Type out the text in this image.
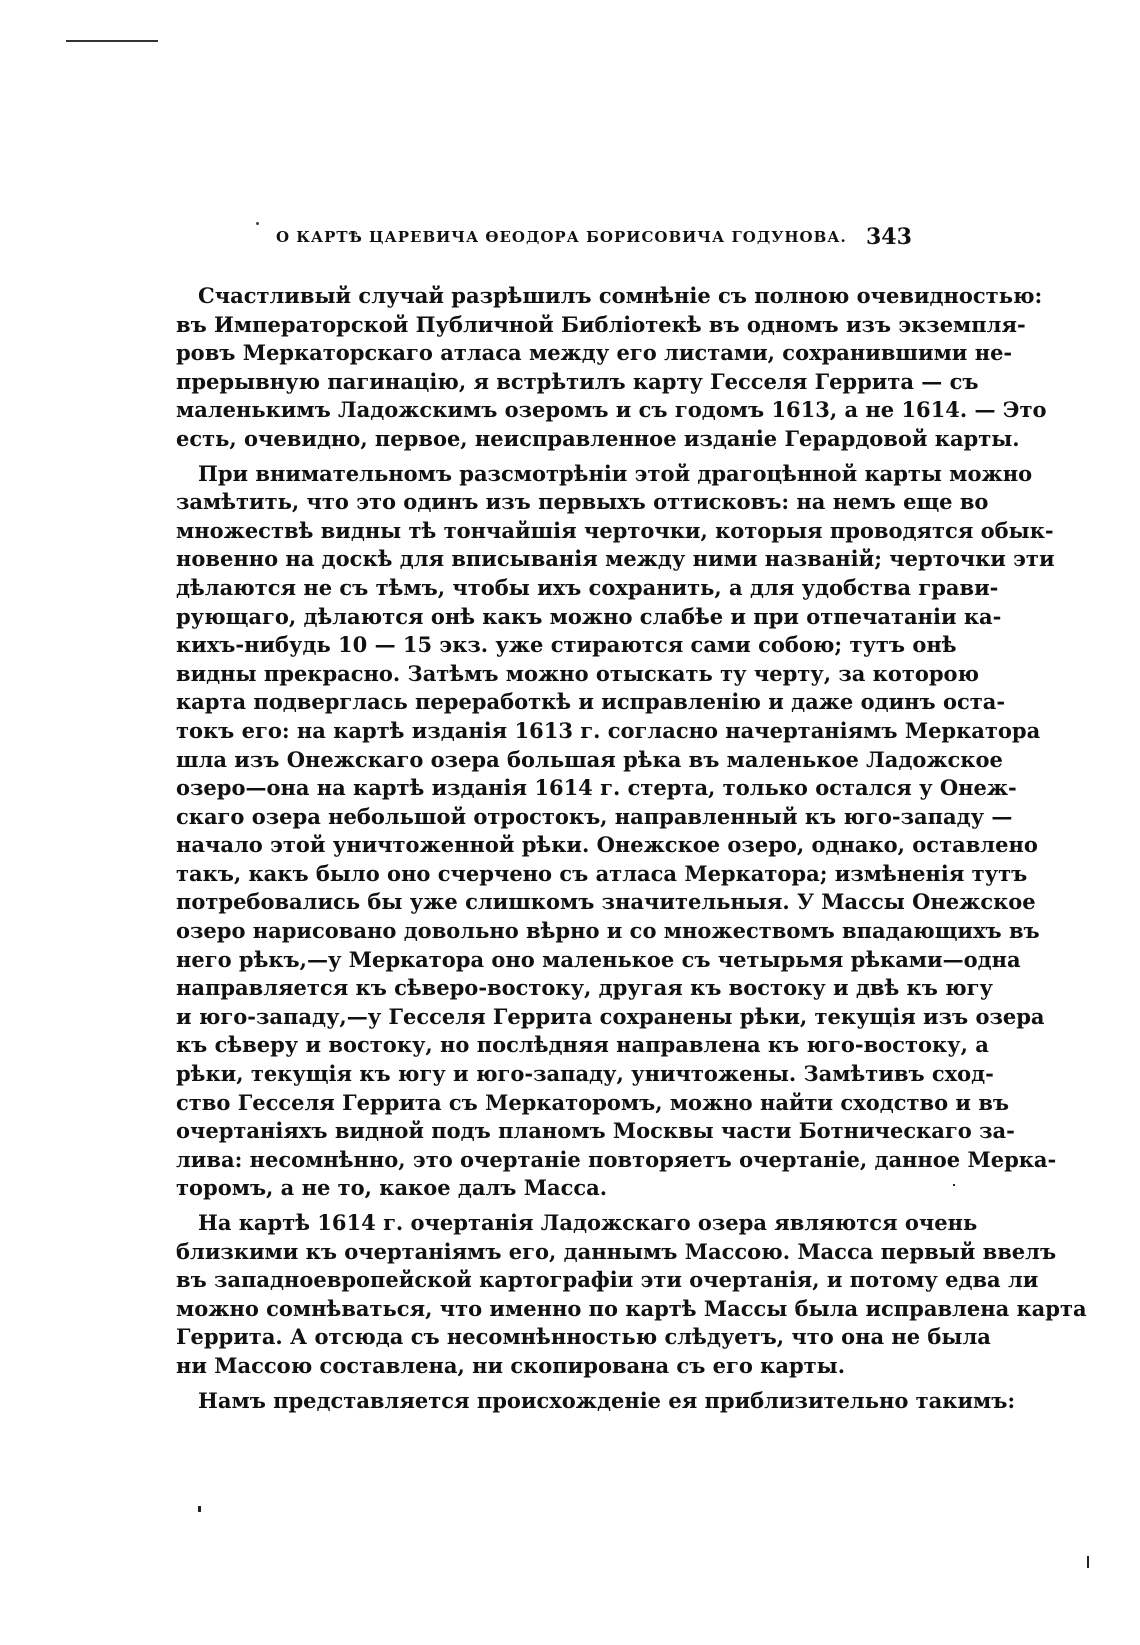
О КАРТѢ ЦАРЕВИЧА ѲЕОДОРА БОРИСОВИЧА ГОДУНОВА. 343
Счастливый случай разрѣшилъ сомнѣніе съ полною очевидностью:
въ Императорской Публичной Библіотекѣ въ одномъ изъ экземпля-
ровъ Меркаторскаго атласа между его листами, сохранившими не-
прерывную пагинацію, я встрѣтилъ карту Гесселя Геррита — съ
маленькимъ Ладожскимъ озеромъ и съ годомъ 1613, а не 1614. — Это
есть, очевидно, первое, неисправленное изданіе Герардовой карты.
При внимательномъ разсмотрѣніи этой драгоцѣнной карты можно
замѣтить, что это одинъ изъ первыхъ оттисковъ: на немъ еще во
множествѣ видны тѣ тончайшія черточки, которыя проводятся обык-
новенно на доскѣ для вписыванія между ними названій; черточки эти
дѣлаются не съ тѣмъ, чтобы ихъ сохранить, а для удобства грави-
рующаго, дѣлаются онѣ какъ можно слабѣе и при отпечатаніи ка-
кихъ-нибудь 10 — 15 экз. уже стираются сами собою; тутъ онѣ
видны прекрасно. Затѣмъ можно отыскать ту черту, за которою
карта подверглась переработкѣ и исправленію и даже одинъ оста-
токъ его: на картѣ изданія 1613 г. согласно начертаніямъ Меркатора
шла изъ Онежскаго озера большая рѣка въ маленькое Ладожское
озеро—она на картѣ изданія 1614 г. стерта, только остался у Онеж-
скаго озера небольшой отростокъ, направленный къ юго-западу —
начало этой уничтоженной рѣки. Онежское озеро, однако, оставлено
такъ, какъ было оно счерчено съ атласа Меркатора; измѣненія тутъ
потребовались бы уже слишкомъ значительныя. У Массы Онежское
озеро нарисовано довольно вѣрно и со множествомъ впадающихъ въ
него рѣкъ,—у Меркатора оно маленькое съ четырьмя рѣками—одна
направляется къ сѣверо-востоку, другая къ востоку и двѣ къ югу
и юго-западу,—у Гесселя Геррита сохранены рѣки, текущія изъ озера
къ сѣверу и востоку, но послѣдняя направлена къ юго-востоку, а
рѣки, текущія къ югу и юго-западу, уничтожены. Замѣтивъ сход-
ство Гесселя Геррита съ Меркаторомъ, можно найти сходство и въ
очертаніяхъ видной подъ планомъ Москвы части Ботническаго за-
лива: несомнѣнно, это очертаніе повторяетъ очертаніе, данное Мерка-
торомъ, а не то, какое далъ Масса.
На картѣ 1614 г. очертанія Ладожскаго озера являются очень
близкими къ очертаніямъ его, даннымъ Массою. Масса первый ввелъ
въ западноевропейской картографіи эти очертанія, и потому едва ли
можно сомнѣваться, что именно по картѣ Массы была исправлена карта
Геррита. А отсюда съ несомнѣнностью слѣдуетъ, что она не была
ни Массою составлена, ни скопирована съ его карты.
Намъ представляется происхожденіе ея приблизительно такимъ:
